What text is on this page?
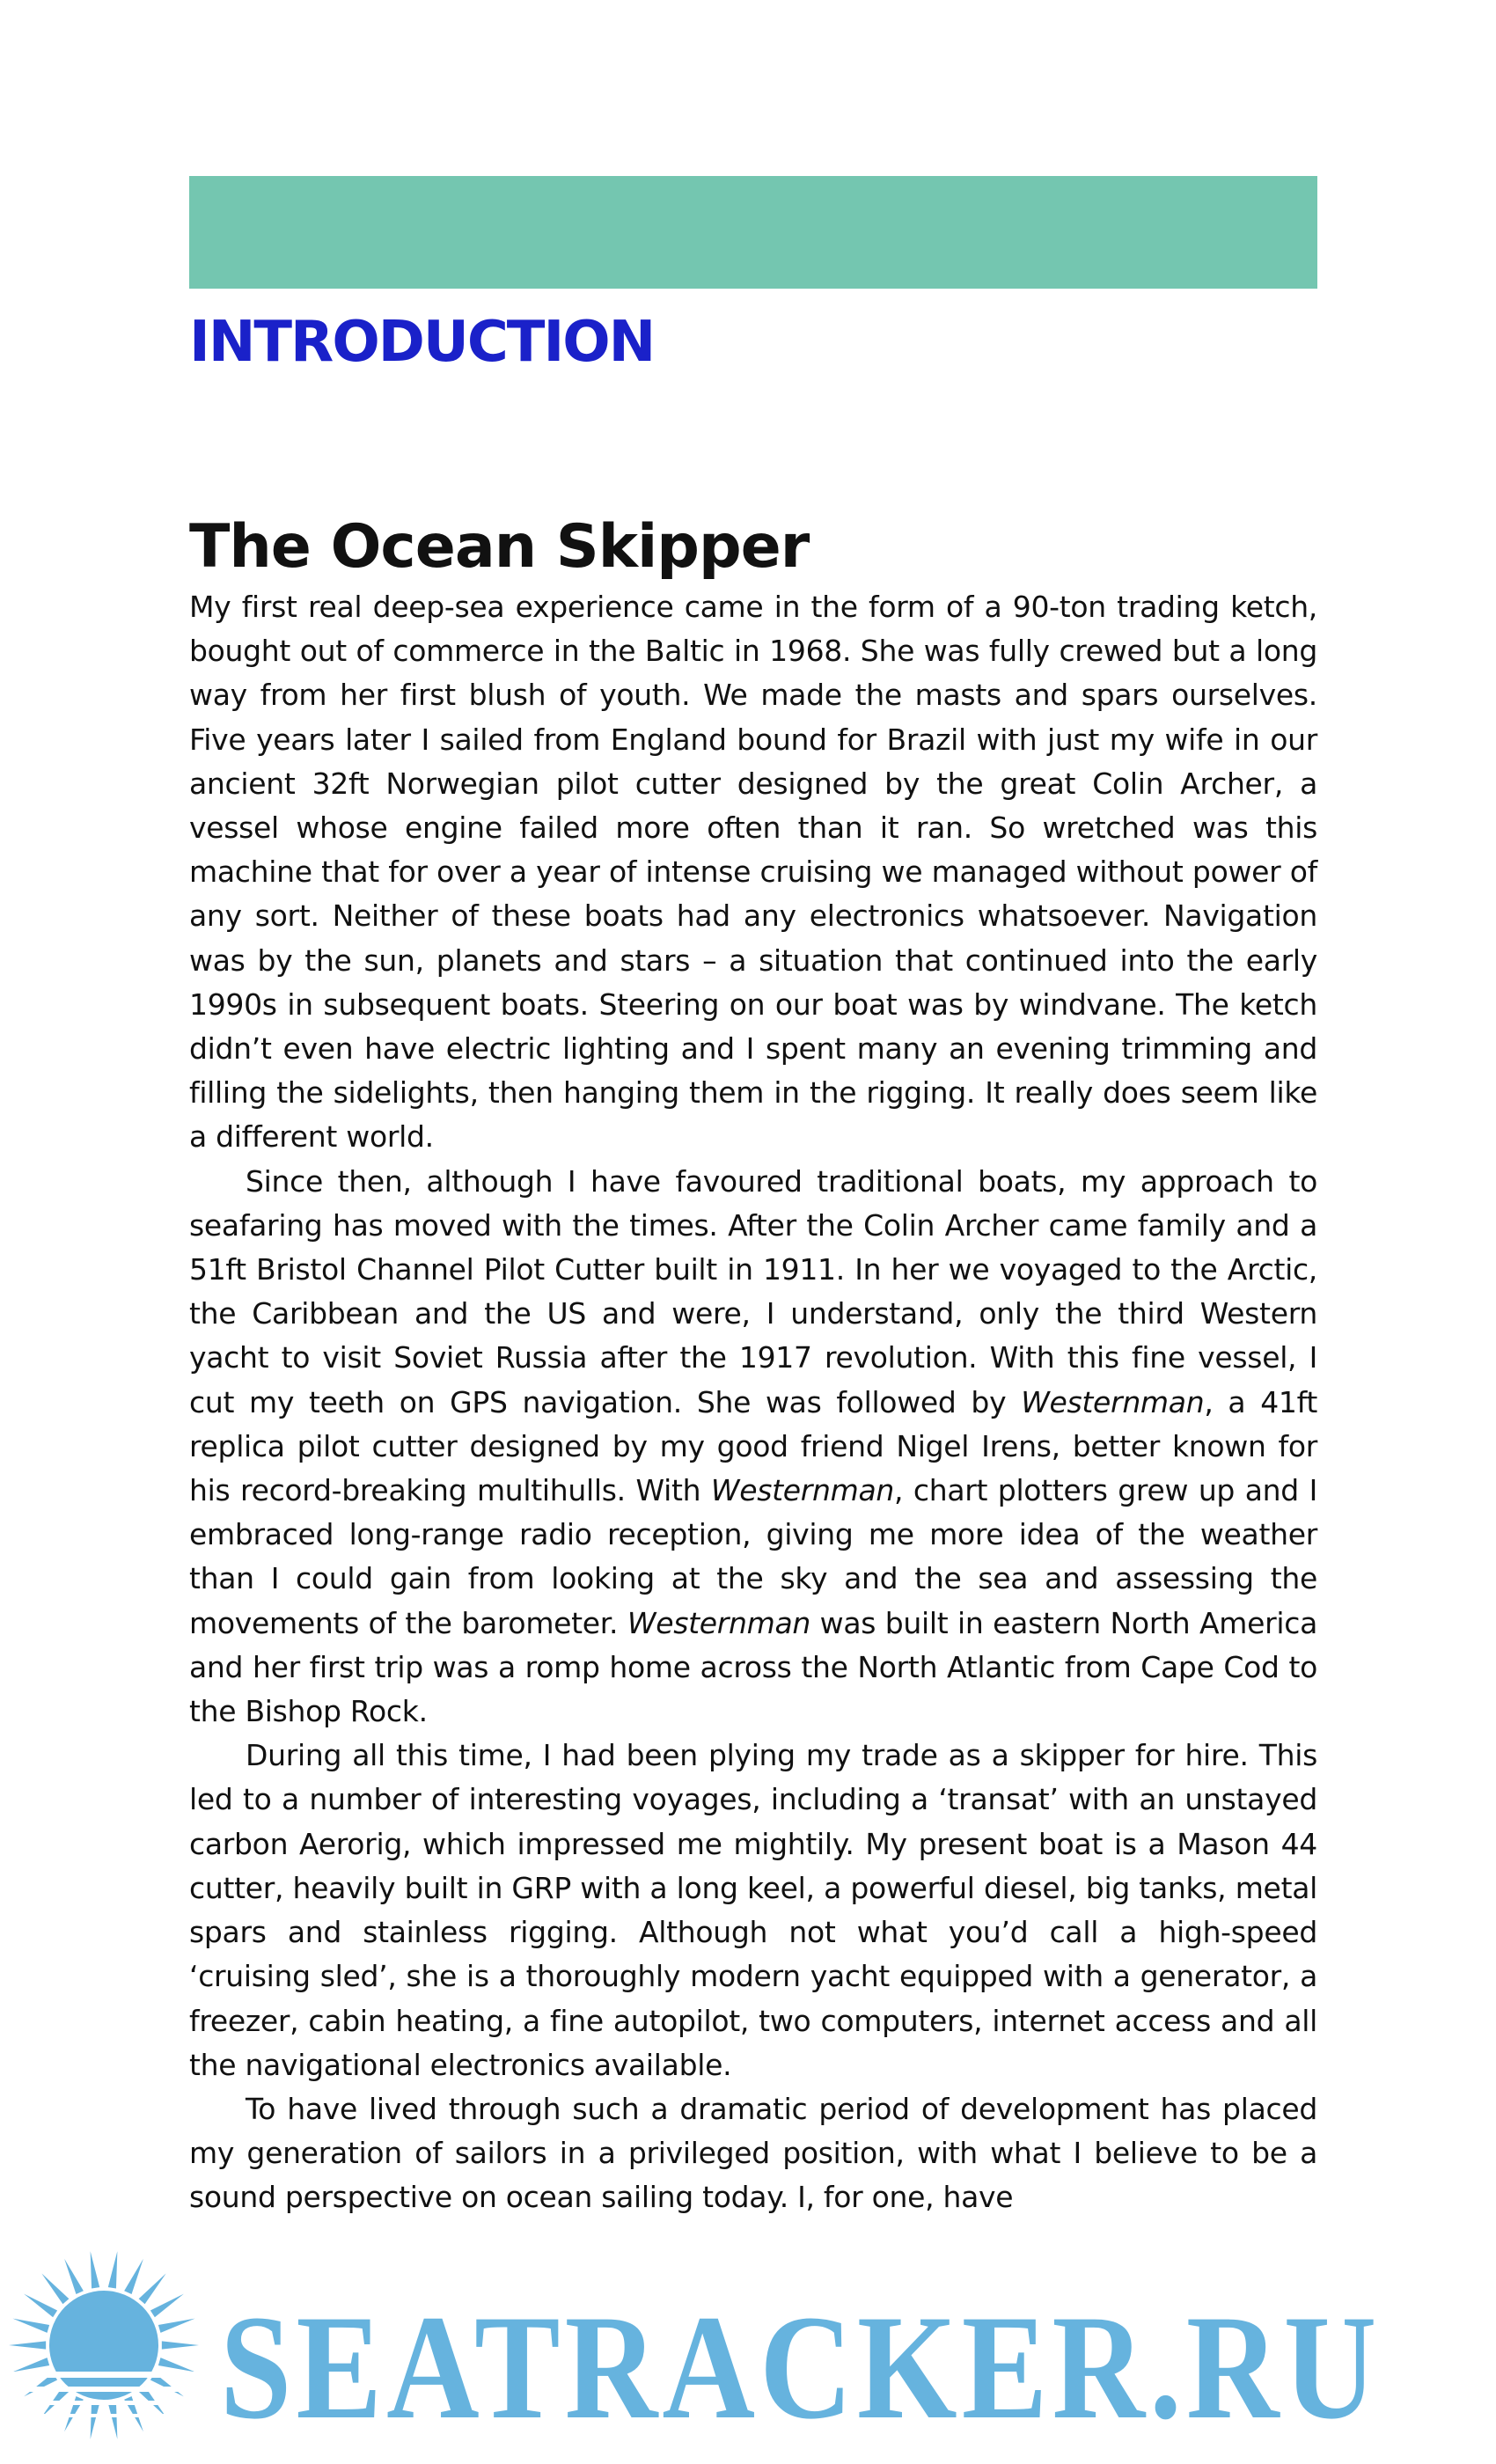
INTRODUCTION
The Ocean Skipper

My first real deep-sea experience came in the form of a 90-ton trading ketch, bought out of commerce in the Baltic in 1968. She was fully crewed but a long way from her first blush of youth. We made the masts and spars ourselves. Five years later I sailed from England bound for Brazil with just my wife in our ancient 32ft Norwegian pilot cutter designed by the great Colin Archer, a vessel whose engine failed more often than it ran. So wretched was this machine that for over a year of intense cruising we managed without power of any sort. Neither of these boats had any electronics whatsoever. Navigation was by the sun, planets and stars – a situation that continued into the early 1990s in subsequent boats. Steering on our boat was by windvane. The ketch didn’t even have electric lighting and I spent many an evening trimming and filling the sidelights, then hanging them in the rigging. It really does seem like a different world.

Since then, although I have favoured traditional boats, my approach to seafaring has moved with the times. After the Colin Archer came family and a 51ft Bristol Channel Pilot Cutter built in 1911. In her we voyaged to the Arctic, the Caribbean and the US and were, I understand, only the third Western yacht to visit Soviet Russia after the 1917 revolution. With this fine vessel, I cut my teeth on GPS navigation. She was followed by Westernman, a 41ft replica pilot cutter designed by my good friend Nigel Irens, better known for his record-breaking multihulls. With Westernman, chart plotters grew up and I embraced long-range radio reception, giving me more idea of the weather than I could gain from looking at the sky and the sea and assessing the movements of the barometer. Westernman was built in eastern North America and her first trip was a romp home across the North Atlantic from Cape Cod to the Bishop Rock.

During all this time, I had been plying my trade as a skipper for hire. This led to a number of interesting voyages, including a ‘transat’ with an unstayed carbon Aerorig, which impressed me mightily. My present boat is a Mason 44 cutter, heavily built in GRP with a long keel, a powerful diesel, big tanks, metal spars and stainless rigging. Although not what you’d call a high-speed ‘cruising sled’, she is a thoroughly modern yacht equipped with a generator, a freezer, cabin heating, a fine autopilot, two computers, internet access and all the navigational electronics available.

To have lived through such a dramatic period of development has placed my generation of sailors in a privileged position, with what I believe to be a sound perspective on ocean sailing today. I, for one, have

SEATRACKER.RU
